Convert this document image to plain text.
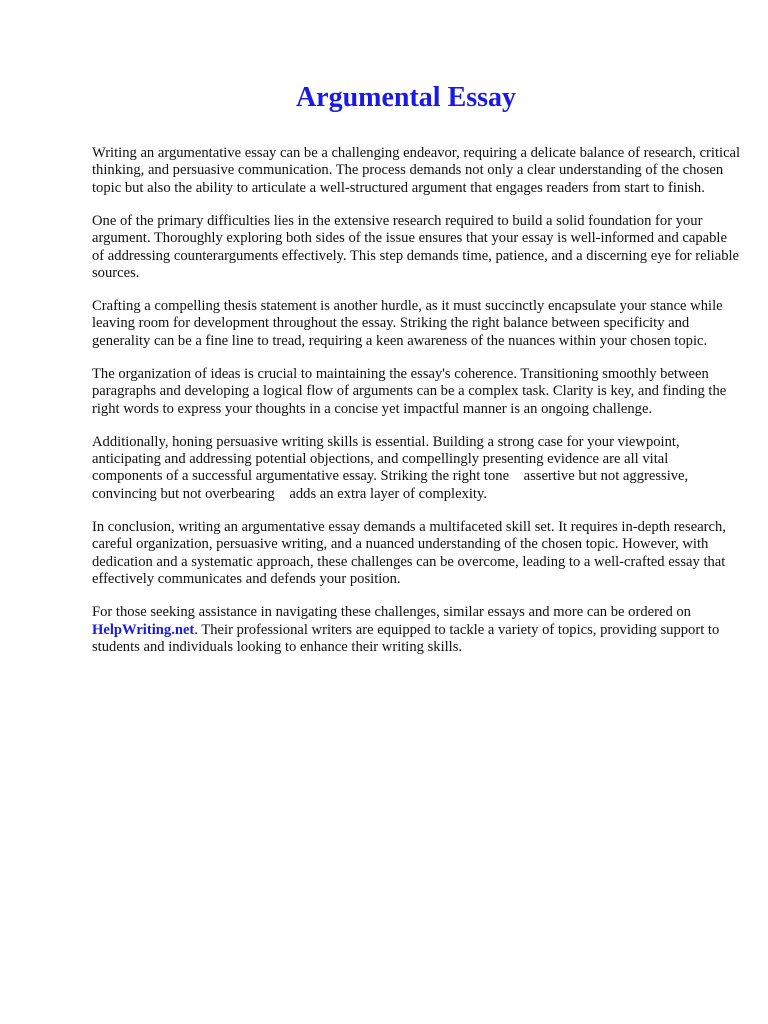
Argumental Essay

Writing an argumentative essay can be a challenging endeavor, requiring a delicate balance of research, critical thinking, and persuasive communication. The process demands not only a clear understanding of the chosen topic but also the ability to articulate a well-structured argument that engages readers from start to finish.

One of the primary difficulties lies in the extensive research required to build a solid foundation for your argument. Thoroughly exploring both sides of the issue ensures that your essay is well-informed and capable of addressing counterarguments effectively. This step demands time, patience, and a discerning eye for reliable sources.

Crafting a compelling thesis statement is another hurdle, as it must succinctly encapsulate your stance while leaving room for development throughout the essay. Striking the right balance between specificity and generality can be a fine line to tread, requiring a keen awareness of the nuances within your chosen topic.

The organization of ideas is crucial to maintaining the essay's coherence. Transitioning smoothly between paragraphs and developing a logical flow of arguments can be a complex task. Clarity is key, and finding the right words to express your thoughts in a concise yet impactful manner is an ongoing challenge.

Additionally, honing persuasive writing skills is essential. Building a strong case for your viewpoint, anticipating and addressing potential objections, and compellingly presenting evidence are all vital components of a successful argumentative essay. Striking the right tone    assertive but not aggressive, convincing but not overbearing    adds an extra layer of complexity.

In conclusion, writing an argumentative essay demands a multifaceted skill set. It requires in-depth research, careful organization, persuasive writing, and a nuanced understanding of the chosen topic. However, with dedication and a systematic approach, these challenges can be overcome, leading to a well-crafted essay that effectively communicates and defends your position.

For those seeking assistance in navigating these challenges, similar essays and more can be ordered on HelpWriting.net. Their professional writers are equipped to tackle a variety of topics, providing support to students and individuals looking to enhance their writing skills.
